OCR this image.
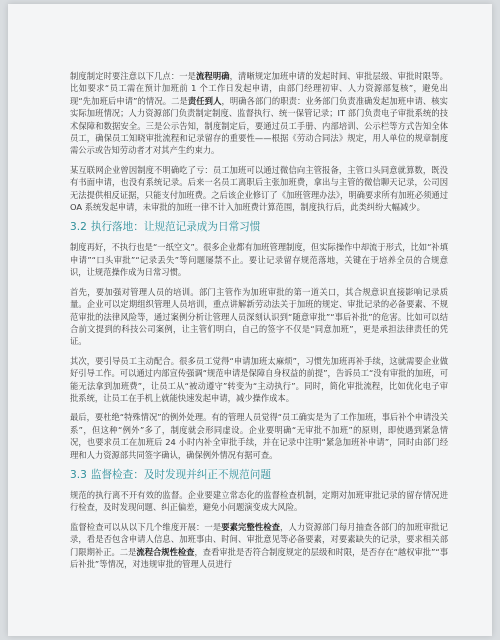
制度制定时要注意以下几点：一是流程明确，清晰规定加班申请的发起时间、审批层级、审批时限等。比如要求“员工需在预计加班前 1 个工作日发起申请，由部门经理初审、人力资源部复核”，避免出现“先加班后申请”的情况。二是责任到人，明确各部门的职责：业务部门负责准确发起加班申请、核实实际加班情况；人力资源部门负责制定制度、监督执行、统一保管记录；IT 部门负责电子审批系统的技术保障和数据安全。三是公示告知，制度制定后，要通过员工手册、内部培训、公示栏等方式告知全体员工，确保员工知晓审批流程和记录留存的重要性——根据《劳动合同法》规定，用人单位的规章制度需公示或告知劳动者才对其产生约束力。

某互联网企业曾因制度不明确吃了亏：员工加班可以通过微信向主管报备，主管口头同意就算数，既没有书面申请，也没有系统记录。后来一名员工离职后主张加班费，拿出与主管的微信聊天记录，公司因无法提供相反证据，只能支付加班费。之后该企业修订了《加班管理办法》，明确要求所有加班必须通过 OA 系统发起申请，未审批的加班一律不计入加班费计算范围，制度执行后，此类纠纷大幅减少。

3.2 执行落地：让规范记录成为日常习惯

制度再好，不执行也是“一纸空文”。很多企业都有加班管理制度，但实际操作中却流于形式，比如“补填申请”“口头审批”“记录丢失”等问题屡禁不止。要让记录留存规范落地，关键在于培养全员的合规意识，让规范操作成为日常习惯。

首先，要加强对管理人员的培训。部门主管作为加班审批的第一道关口，其合规意识直接影响记录质量。企业可以定期组织管理人员培训，重点讲解新劳动法关于加班的规定、审批记录的必备要素、不规范审批的法律风险等，通过案例分析让管理人员深刻认识到“随意审批”“事后补批”的危害。比如可以结合前文提到的科技公司案例，让主管们明白，自己的签字不仅是“同意加班”，更是承担法律责任的凭证。

其次，要引导员工主动配合。很多员工觉得“申请加班太麻烦”，习惯先加班再补手续，这就需要企业做好引导工作。可以通过内部宣传强调“规范申请是保障自身权益的前提”，告诉员工“没有审批的加班，可能无法拿到加班费”，让员工从“被动遵守”转变为“主动执行”。同时，简化审批流程，比如优化电子审批系统，让员工在手机上就能快速发起申请，减少操作成本。

最后，要杜绝“特殊情况”的例外处理。有的管理人员觉得“员工确实是为了工作加班，事后补个申请没关系”，但这种“例外”多了，制度就会形同虚设。企业要明确“无审批不加班”的原则，即使遇到紧急情况，也要求员工在加班后 24 小时内补全审批手续，并在记录中注明“紧急加班补申请”，同时由部门经理和人力资源部共同签字确认，确保例外情况有据可查。

3.3 监督检查：及时发现并纠正不规范问题

规范的执行离不开有效的监督。企业要建立常态化的监督检查机制，定期对加班审批记录的留存情况进行检查，及时发现问题、纠正偏差，避免小问题演变成大风险。

监督检查可以从以下几个维度开展：一是要素完整性检查，人力资源部门每月抽查各部门的加班审批记录，看是否包含申请人信息、加班事由、时间、审批意见等必备要素，对要素缺失的记录，要求相关部门限期补正。二是流程合规性检查，查看审批是否符合制度规定的层级和时限，是否存在“越权审批”“事后补批”等情况，对违规审批的管理人员进行
